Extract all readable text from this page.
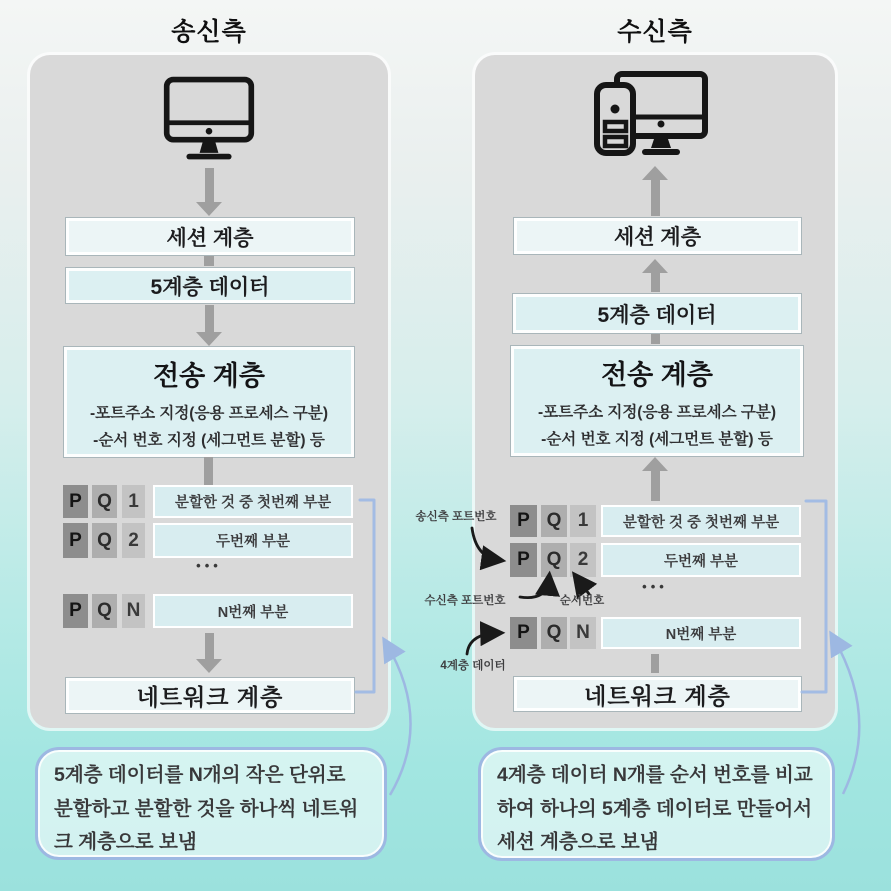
송신측	수신측
세션 계층
5계층 데이터
전송 계층
-포트주소 지정(응용 프로세스 구분)
-순서 번호 지정 (세그먼트 분할) 등
P Q 1	분할한 것 중 첫번째 부분
P Q 2	두번째 부분
•••
P Q N	N번째 부분
네트워크 계층
세션 계층
5계층 데이터
전송 계층
-포트주소 지정(응용 프로세스 구분)
-순서 번호 지정 (세그먼트 분할) 등
P Q 1	분할한 것 중 첫번째 부분
P Q 2	두번째 부분
•••
P Q N	N번째 부분
네트워크 계층
송신측 포트번호
수신측 포트번호	순서번호
4계층 데이터
5계층 데이터를 N개의 작은 단위로 분할하고 분할한 것을 하나씩 네트워크 계층으로 보냄
4계층 데이터 N개를 순서 번호를 비교 하여 하나의 5계층 데이터로 만들어서 세션 계층으로 보냄
